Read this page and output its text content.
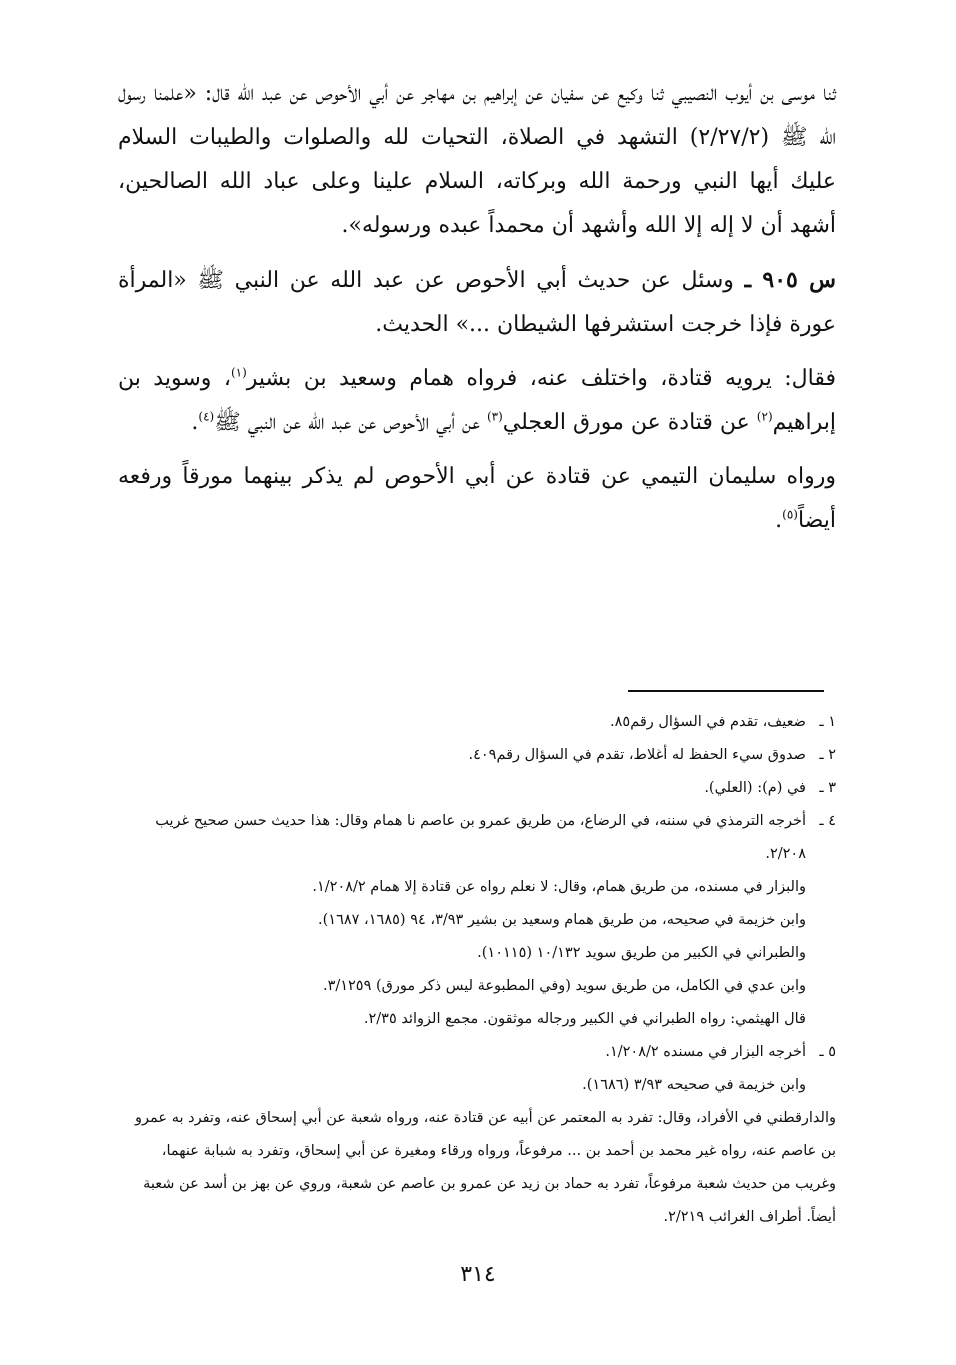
ثنا موسى بن أيوب النصيبي ثنا وكيع عن سفيان عن إبراهيم بن مهاجر عن أبي الأحوص عن عبد الله قال: «علمنا رسول الله ﷺ (٢/٢٧/٢) التشهد في الصلاة، التحيات لله والصلوات والطيبات السلام عليك أيها النبي ورحمة الله وبركاته، السلام علينا وعلى عباد الله الصالحين، أشهد أن لا إله إلا الله وأشهد أن محمداً عبده ورسوله».

س ٩٠٥ ـ وسئل عن حديث أبي الأحوص عن عبد الله عن النبي ﷺ «المرأة عورة فإذا خرجت استشرفها الشيطان ...» الحديث.

فقال: يرويه قتادة، واختلف عنه، فرواه همام وسعيد بن بشير$^{(١)}$، وسويد بن إبراهيم$^{(٢)}$ عن قتادة عن مورق العجلي$^{(٣)}$ عن أبي الأحوص عن عبد الله عن النبي ﷺ$^{(٤)}$.

ورواه سليمان التيمي عن قتادة عن أبي الأحوص لم يذكر بينهما مورقاً ورفعه أيضاً$^{(٥)}$.

١ ـ
ضعيف، تقدم في السؤال رقم٨٥.
٢ ـ
صدوق سيء الحفظ له أغلاط، تقدم في السؤال رقم٤٠٩.
٣ ـ
في (م): (العلي).
٤ ـ
أخرجه الترمذي في سننه، في الرضاع، من طريق عمرو بن عاصم نا همام وقال: هذا حديث حسن صحيح غريب ٢/٢٠٨.
والبزار في مسنده، من طريق همام، وقال: لا نعلم رواه عن قتادة إلا همام ١/٢٠٨/٢.
وابن خزيمة في صحيحه، من طريق همام وسعيد بن بشير ٣/٩٣، ٩٤ (١٦٨٥، ١٦٨٧).
والطبراني في الكبير من طريق سويد ١٠/١٣٢ (١٠١١٥).
وابن عدي في الكامل، من طريق سويد (وفي المطبوعة ليس ذكر مورق) ٣/١٢٥٩.
قال الهيثمي: رواه الطبراني في الكبير ورجاله موثقون. مجمع الزوائد ٢/٣٥.
٥ ـ
أخرجه البزار في مسنده ١/٢٠٨/٢.
وابن خزيمة في صحيحه ٣/٩٣ (١٦٨٦).
والدارقطني في الأفراد، وقال: تفرد به المعتمر عن أبيه عن قتادة عنه، ورواه شعبة عن أبي إسحاق عنه، وتفرد به عمرو بن عاصم عنه، رواه غير محمد بن أحمد بن ... مرفوعاً، ورواه ورقاء ومغيرة عن أبي إسحاق، وتفرد به شبابة عنهما، وغريب من حديث شعبة مرفوعاً، تفرد به حماد بن زيد عن عمرو بن عاصم عن شعبة، وروي عن بهز بن أسد عن شعبة أيضاً. أطراف الغرائب ٢/٢١٩.
٣١٤
